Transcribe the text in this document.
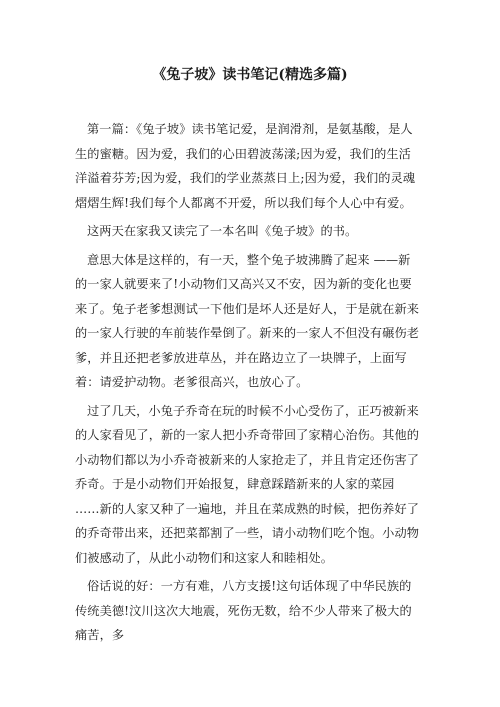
《兔子坡》读书笔记(精选多篇)

第一篇：《兔子坡》读书笔记爱，是润滑剂，是氨基酸，是人生的蜜糖。因为爱，我们的心田碧波荡漾;因为爱，我们的生活洋溢着芬芳;因为爱，我们的学业蒸蒸日上;因为爱，我们的灵魂熠熠生辉!我们每个人都离不开爱，所以我们每个人心中有爱。

这两天在家我又读完了一本名叫《兔子坡》的书。

意思大体是这样的，有一天，整个兔子坡沸腾了起来 ——新的一家人就要来了!小动物们又高兴又不安，因为新的变化也要来了。兔子老爹想测试一下他们是坏人还是好人，于是就在新来的一家人行驶的车前装作晕倒了。新来的一家人不但没有碾伤老爹，并且还把老爹放进草丛，并在路边立了一块牌子，上面写着：请爱护动物。老爹很高兴，也放心了。

过了几天，小兔子乔奇在玩的时候不小心受伤了，正巧被新来的人家看见了，新的一家人把小乔奇带回了家精心治伤。其他的小动物们都以为小乔奇被新来的人家抢走了，并且肯定还伤害了乔奇。于是小动物们开始报复，肆意踩踏新来的人家的菜园 ……新的人家又种了一遍地，并且在菜成熟的时候，把伤养好了的乔奇带出来，还把菜都割了一些，请小动物们吃个饱。小动物们被感动了，从此小动物们和这家人和睦相处。

俗话说的好：一方有难，八方支援!这句话体现了中华民族的传统美德!汶川这次大地震，死伤无数，给不少人带来了极大的痛苦，多
